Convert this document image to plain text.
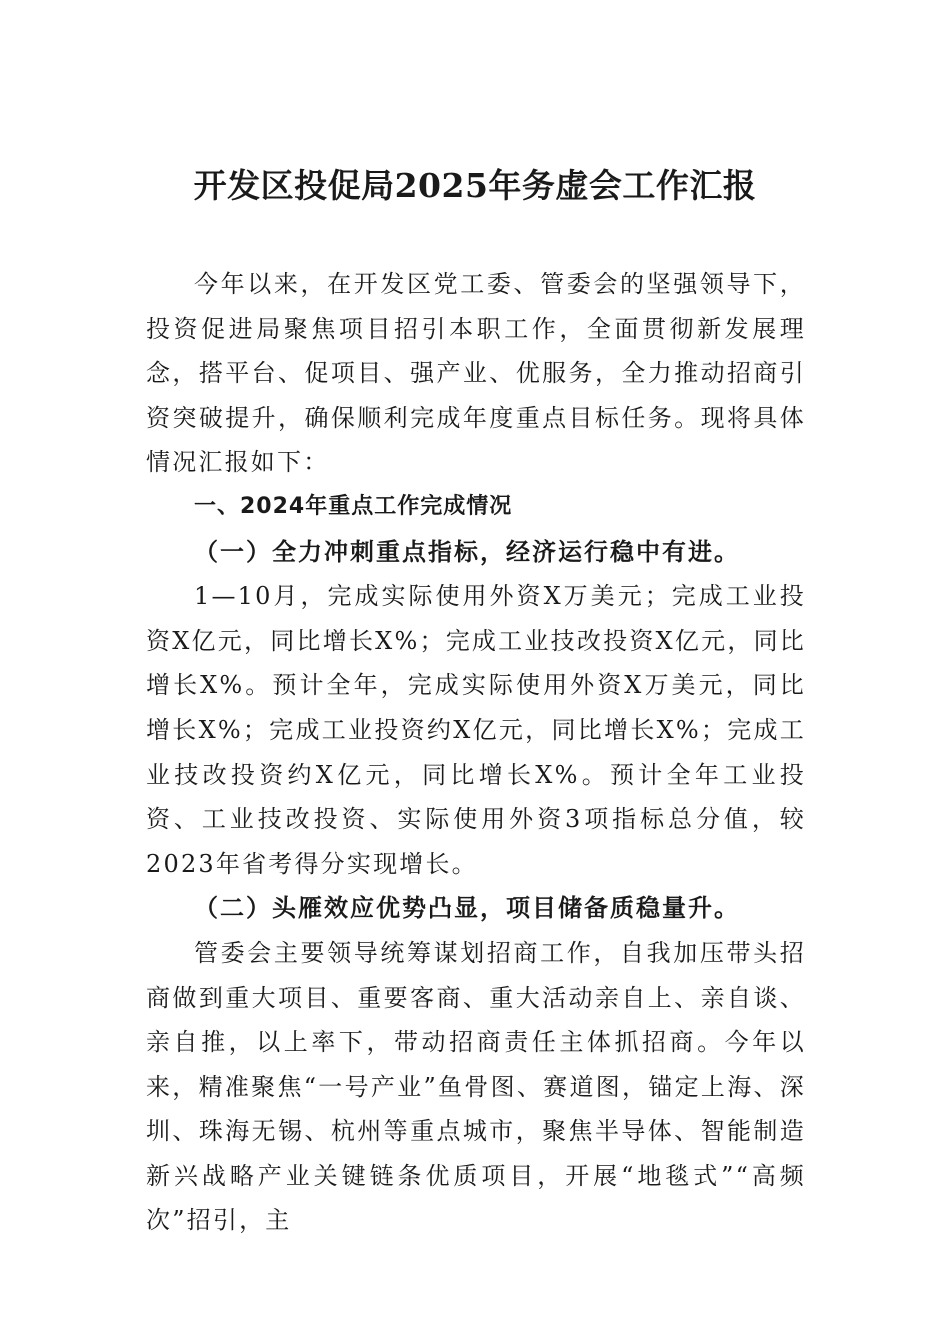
开发区投促局2025年务虚会工作汇报

今年以来，在开发区党工委、管委会的坚强领导下，投资促进局聚焦项目招引本职工作，全面贯彻新发展理念，搭平台、促项目、强产业、优服务，全力推动招商引资突破提升，确保顺利完成年度重点目标任务。现将具体情况汇报如下：

一、2024年重点工作完成情况

（一）全力冲刺重点指标，经济运行稳中有进。

1—10月，完成实际使用外资X万美元；完成工业投资X亿元，同比增长X%；完成工业技改投资X亿元，同比增长X%。预计全年，完成实际使用外资X万美元，同比增长X%；完成工业投资约X亿元，同比增长X%；完成工业技改投资约X亿元，同比增长X%。预计全年工业投资、工业技改投资、实际使用外资3项指标总分值，较2023年省考得分实现增长。

（二）头雁效应优势凸显，项目储备质稳量升。

管委会主要领导统筹谋划招商工作，自我加压带头招商做到重大项目、重要客商、重大活动亲自上、亲自谈、亲自推，以上率下，带动招商责任主体抓招商。今年以来，精准聚焦“一号产业”鱼骨图、赛道图，锚定上海、深圳、珠海无锡、杭州等重点城市，聚焦半导体、智能制造新兴战略产业关键链条优质项目，开展“地毯式”“高频次”招引，主
